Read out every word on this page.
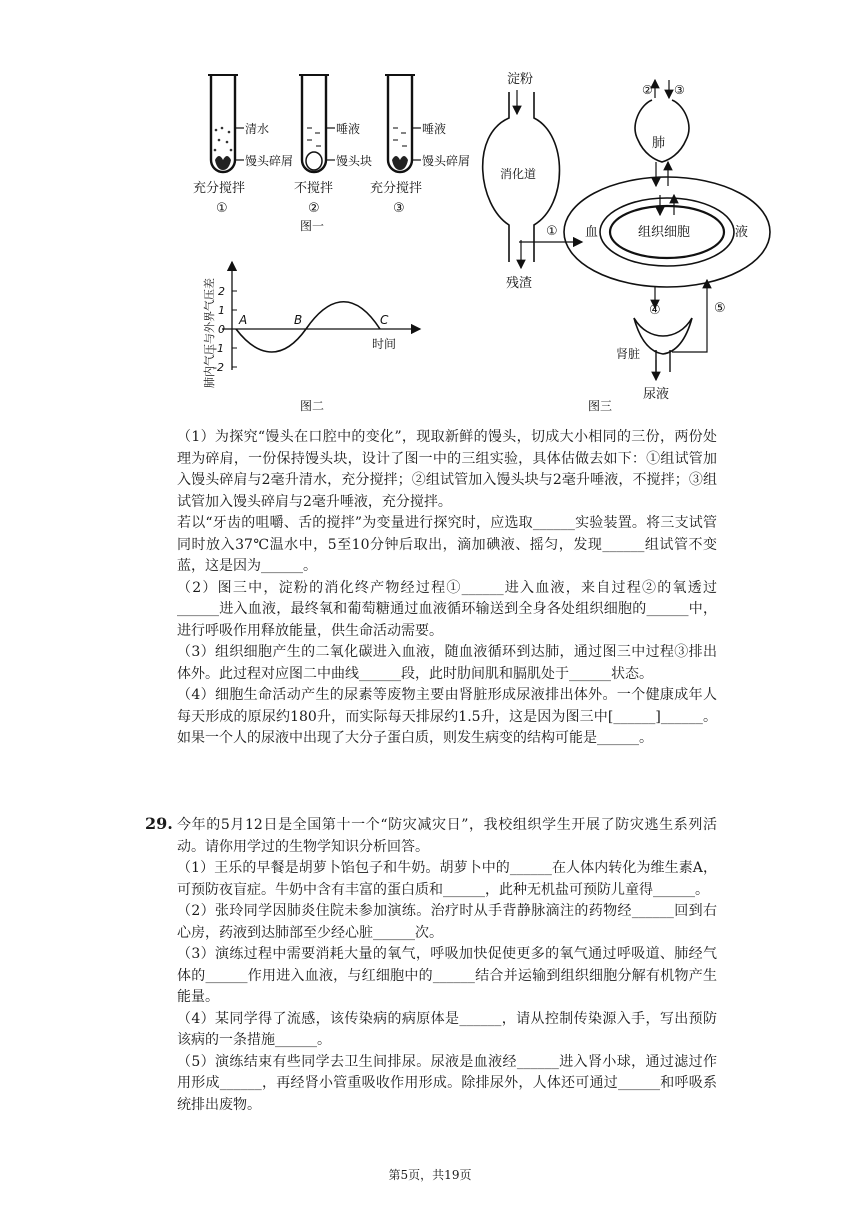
清水
馒头碎屑
充分搅拌
①
唾液
馒头块
不搅拌
②
唾液
馒头碎屑
充分搅拌
③
图一
2
1
0
-1
-2
A	B	C
时间
肺内气压与外界气压差
图二
淀粉
消化道
残渣
①
② ③
肺
血	组织细胞	液
④
肾脏
尿液
⑤
图三

（1）为探究“馒头在口腔中的变化”，现取新鲜的馒头，切成大小相同的三份，两份处理为碎肩，一份保持馒头块，设计了图一中的三组实验，具体估做去如下：①组试管加入馒头碎肩与2毫升清水，充分搅拌；②组试管加入馒头块与2毫升唾液，不搅拌；③组试管加入馒头碎肩与2毫升唾液，充分搅拌。

若以“牙齿的咀嚼、舌的搅拌”为变量进行探究时，应选取______实验装置。将三支试管同时放入37℃温水中，5至10分钟后取出，滴加碘液、摇匀，发现______组试管不变蓝，这是因为______。

（2）图三中，淀粉的消化终产物经过程①______进入血液，来自过程②的氧透过______进入血液，最终氧和葡萄糖通过血液循环输送到全身各处组织细胞的______中，进行呼吸作用释放能量，供生命活动需要。

（3）组织细胞产生的二氧化碳进入血液，随血液循环到达肺，通过图三中过程③排出体外。此过程对应图二中曲线______段，此时肋间肌和膈肌处于______状态。

（4）细胞生命活动产生的尿素等废物主要由肾脏形成尿液排出体外。一个健康成年人每天形成的原尿约180升，而实际每天排尿约1.5升，这是因为图三中[______]______。如果一个人的尿液中出现了大分子蛋白质，则发生病变的结构可能是______。

29. 今年的5月12日是全国第十一个“防灾减灾日”，我校组织学生开展了防灾逃生系列活动。请你用学过的生物学知识分析回答。

（1）王乐的早餐是胡萝卜馅包子和牛奶。胡萝卜中的______在人体内转化为维生素A，可预防夜盲症。牛奶中含有丰富的蛋白质和______，此种无机盐可预防儿童得______。

（2）张玲同学因肺炎住院未参加演练。治疗时从手背静脉滴注的药物经______回到右心房，药液到达肺部至少经心脏______次。

（3）演练过程中需要消耗大量的氧气，呼吸加快促使更多的氧气通过呼吸道、肺经气体的______作用进入血液，与红细胞中的______结合并运输到组织细胞分解有机物产生能量。

（4）某同学得了流感，该传染病的病原体是______，请从控制传染源入手，写出预防该病的一条措施______。

（5）演练结束有些同学去卫生间排尿。尿液是血液经______进入肾小球，通过滤过作用形成______，再经肾小管重吸收作用形成。除排尿外，人体还可通过______和呼吸系统排出废物。

第5页，共19页
